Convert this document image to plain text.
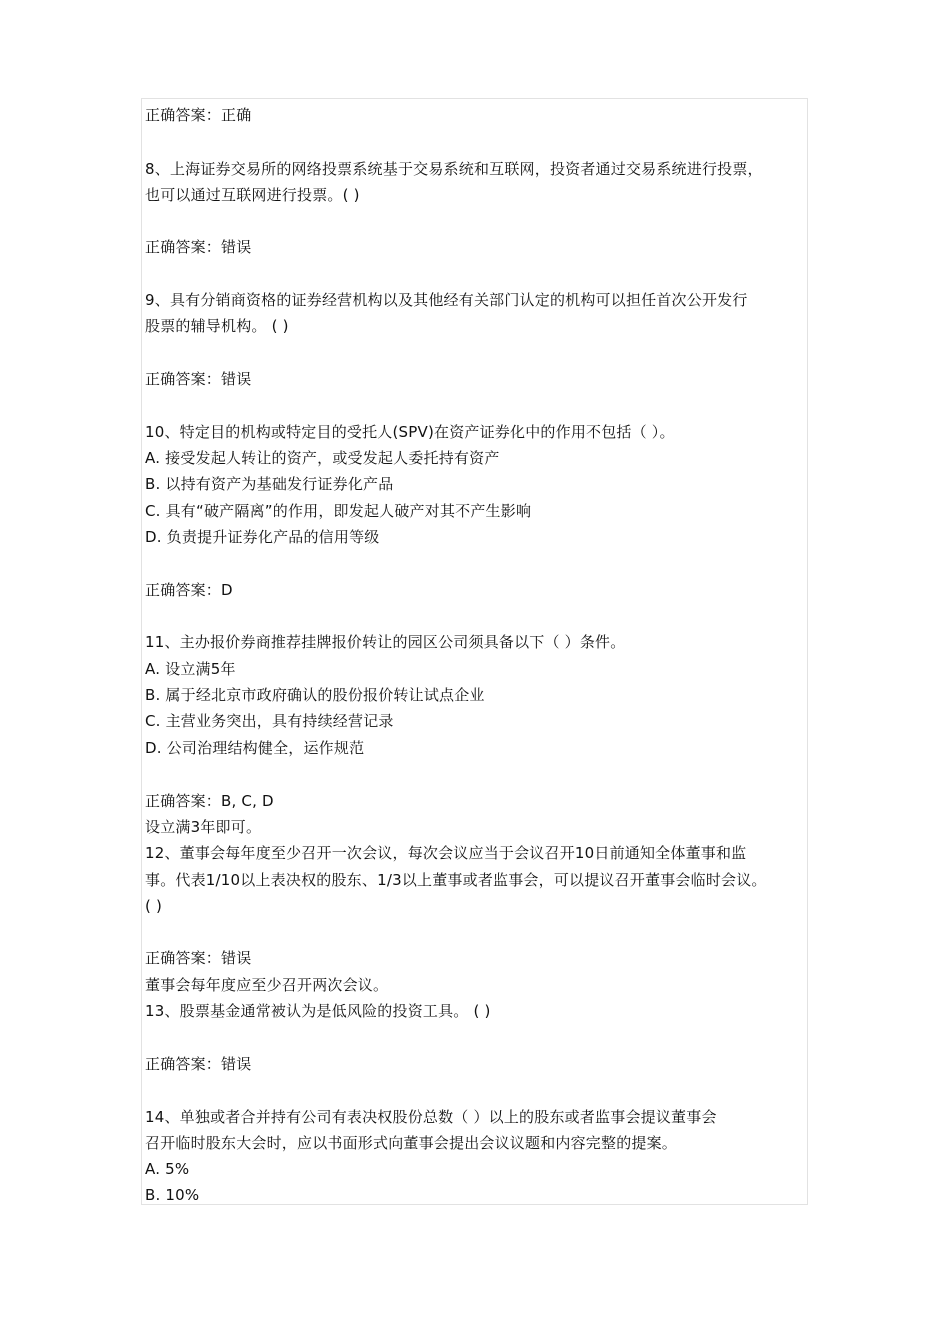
正确答案：正确
8、上海证券交易所的网络投票系统基于交易系统和互联网，投资者通过交易系统进行投票，
也可以通过互联网进行投票。( )
正确答案：错误
9、具有分销商资格的证券经营机构以及其他经有关部门认定的机构可以担任首次公开发行
股票的辅导机构。 ( )
正确答案：错误
10、特定目的机构或特定目的受托人(SPV)在资产证券化中的作用不包括（ ）。
A. 接受发起人转让的资产，或受发起人委托持有资产
B. 以持有资产为基础发行证券化产品
C. 具有“破产隔离”的作用，即发起人破产对其不产生影响
D. 负责提升证券化产品的信用等级
正确答案：D
11、主办报价券商推荐挂牌报价转让的园区公司须具备以下（ ）条件。
A. 设立满5年
B. 属于经北京市政府确认的股份报价转让试点企业
C. 主营业务突出，具有持续经营记录
D. 公司治理结构健全，运作规范
正确答案：B, C, D
设立满3年即可。
12、董事会每年度至少召开一次会议，每次会议应当于会议召开10日前通知全体董事和监
事。代表1/10以上表决权的股东、1/3以上董事或者监事会，可以提议召开董事会临时会议。
( )
正确答案：错误
董事会每年度应至少召开两次会议。
13、股票基金通常被认为是低风险的投资工具。 ( )
正确答案：错误
14、单独或者合并持有公司有表决权股份总数（ ）以上的股东或者监事会提议董事会
召开临时股东大会时，应以书面形式向董事会提出会议议题和内容完整的提案。
A. 5%
B. 10%
